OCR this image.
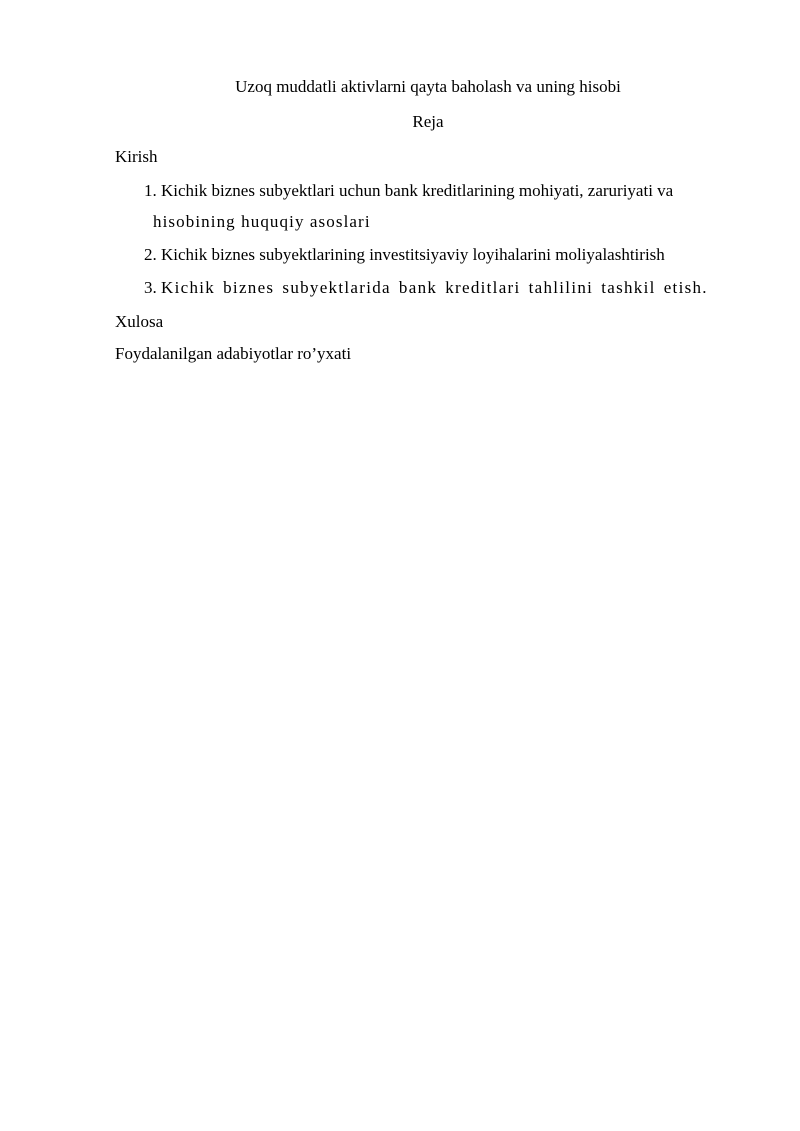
Uzoq muddatli aktivlarni qayta baholash va uning hisobi
Reja
Kirish
1. Kichik biznes subyektlari uchun bank kreditlarining mohiyati, zaruriyati va
hisobining huquqiy asoslari
2. Kichik biznes subyektlarining investitsiyaviy loyihalarini moliyalashtirish
3. Kichik biznes subyektlarida bank kreditlari tahlilini tashkil etish.
Xulosa
Foydalanilgan adabiyotlar ro’yxati
